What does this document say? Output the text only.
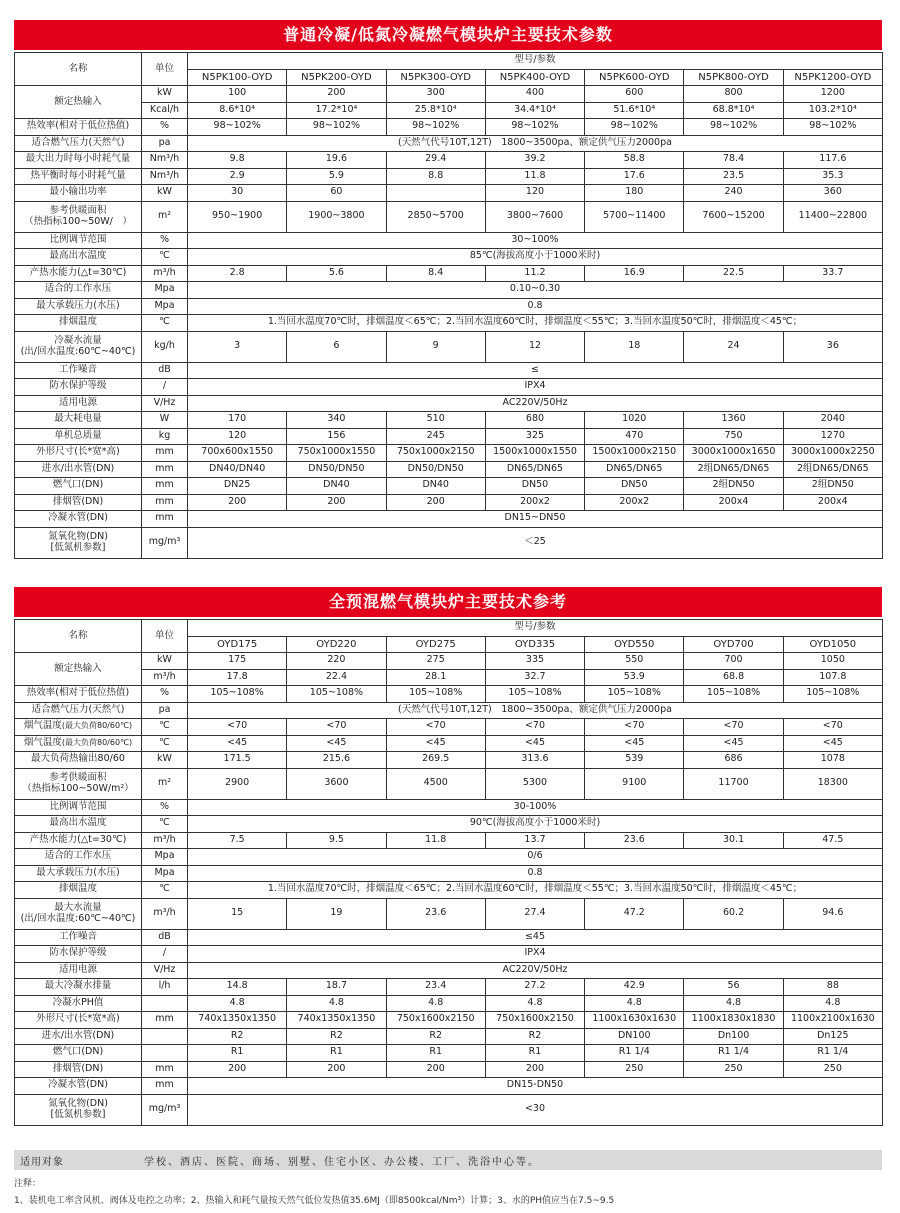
普通冷凝/低氮冷凝燃气模块炉主要技术参数
名称	单位	型号/参数						
		N5PK100-OYD	N5PK200-OYD	N5PK300-OYD	N5PK400-OYD	N5PK600-OYD	N5PK800-OYD	N5PK1200-OYD

额定热输入	kW	100	200	300	400	600	800	1200
	Kcal/h	8.6*10⁴	17.2*10⁴	25.8*10⁴	34.4*10⁴	51.6*10⁴	68.8*10⁴	103.2*10⁴

热效率(相对于低位热值)	%	98~102%	98~102%	98~102%	98~102%	98~102%	98~102%	98~102%

适合燃气压力(天然气)	pa	(天然气代号10T,12T)　1800~3500pa、额定供气压力2000pa						

最大出力时每小时耗气量	Nm³/h	9.8	19.6	29.4	39.2	58.8	78.4	117.6

热平衡时每小时耗气量	Nm³/h	2.9	5.9	8.8	11.8	17.6	23.5	35.3

最小输出功率	kW	30	60		120	180	240	360

参考供暖面积
（热指标100~50W/　）	m²	950~1900	1900~3800	2850~5700	3800~7600	5700~11400	7600~15200	11400~22800

比例调节范围	%	30~100%						

最高出水温度	℃	85℃(海拔高度小于1000米时)						

产热水能力(△t=30℃)	m³/h	2.8	5.6	8.4	11.2	16.9	22.5	33.7

适合的工作水压	Mpa	0.10~0.30						

最大承载压力(水压)	Mpa	0.8						

排烟温度	℃	1.当回水温度70℃时，排烟温度＜65℃；2.当回水温度60℃时，排烟温度＜55℃；3.当回水温度50℃时，排烟温度＜45℃；						

冷凝水流量
(出/回水温度:60℃~40℃)	kg/h	3	6	9	12	18	24	36

工作噪音	dB	≤						

防水保护等级	/	IPX4						

适用电源	V/Hz	AC220V/50Hz						

最大耗电量	W	170	340	510	680	1020	1360	2040

单机总质量	kg	120	156	245	325	470	750	1270

外形尺寸(长*宽*高)	mm	700x600x1550	750x1000x1550	750x1000x2150	1500x1000x1550	1500x1000x2150	3000x1000x1650	3000x1000x2250

进水/出水管(DN)	mm	DN40/DN40	DN50/DN50	DN50/DN50	DN65/DN65	DN65/DN65	2组DN65/DN65	2组DN65/DN65

燃气口(DN)	mm	DN25	DN40	DN40	DN50	DN50	2组DN50	2组DN50

排烟管(DN)	mm	200	200	200	200x2	200x2	200x4	200x4

冷凝水管(DN)	mm	DN15~DN50						

氮氧化物(DN)
[低氮机参数]	mg/m³	＜25						
全预混燃气模块炉主要技术参考
名称	单位	型号/参数						
		OYD175	OYD220	OYD275	OYD335	OYD550	OYD700	OYD1050

额定热输入	kW	175	220	275	335	550	700	1050
	m³/h	17.8	22.4	28.1	32.7	53.9	68.8	107.8

热效率(相对于低位热值)	%	105~108%	105~108%	105~108%	105~108%	105~108%	105~108%	105~108%

适合燃气压力(天然气)	pa	(天然气代号10T,12T)　1800~3500pa、额定供气压力2000pa						
烟气温度(最大负荷80/60℃)	℃	<70	<70	<70	<70	<70	<70	<70
烟气温度(最大负荷80/60℃)	℃	<45	<45	<45	<45	<45	<45	<45

最大负荷热输出80/60	kW	171.5	215.6	269.5	313.6	539	686	1078

参考供暖面积
（热指标100~50W/m²）	m²	2900	3600	4500	5300	9100	11700	18300

比例调节范围	%	30-100%						

最高出水温度	℃	90℃(海拔高度小于1000米时)						

产热水能力(△t=30℃)	m³/h	7.5	9.5	11.8	13.7	23.6	30.1	47.5

适合的工作水压	Mpa	0/6						

最大承载压力(水压)	Mpa	0.8						

排烟温度	℃	1.当回水温度70℃时，排烟温度＜65℃；2.当回水温度60℃时，排烟温度＜55℃；3.当回水温度50℃时，排烟温度＜45℃；						

最大水流量
(出/回水温度:60℃~40℃)	m³/h	15	19	23.6	27.4	47.2	60.2	94.6

工作噪音	dB	≤45						

防水保护等级	/	IPX4						

适用电源	V/Hz	AC220V/50Hz						

最大冷凝水排量	l/h	14.8	18.7	23.4	27.2	42.9	56	88

冷凝水PH值		4.8	4.8	4.8	4.8	4.8	4.8	4.8

外形尺寸(长*宽*高)	mm	740x1350x1350	740x1350x1350	750x1600x2150	750x1600x2150	1100x1630x1630	1100x1830x1830	1100x2100x1630

进水/出水管(DN)		R2	R2	R2	R2	DN100	Dn100	Dn125

燃气口(DN)		R1	R1	R1	R1	R1 1/4	R1 1/4	R1 1/4

排烟管(DN)	mm	200	200	200	200	250	250	250

冷凝水管(DN)	mm	DN15-DN50						

氮氧化物(DN)
[低氮机参数]	mg/m³	<30						
适用对象	学校、酒店、医院、商场、别墅、住宅小区、办公楼、工厂、洗浴中心等。
注释：
1、装机电工率含风机、阀体及电控之功率；2、热输入和耗气量按天然气低位发热值35.6MJ（即8500kcal/Nm³）计算；3、水的PH值应当在7.5~9.5
